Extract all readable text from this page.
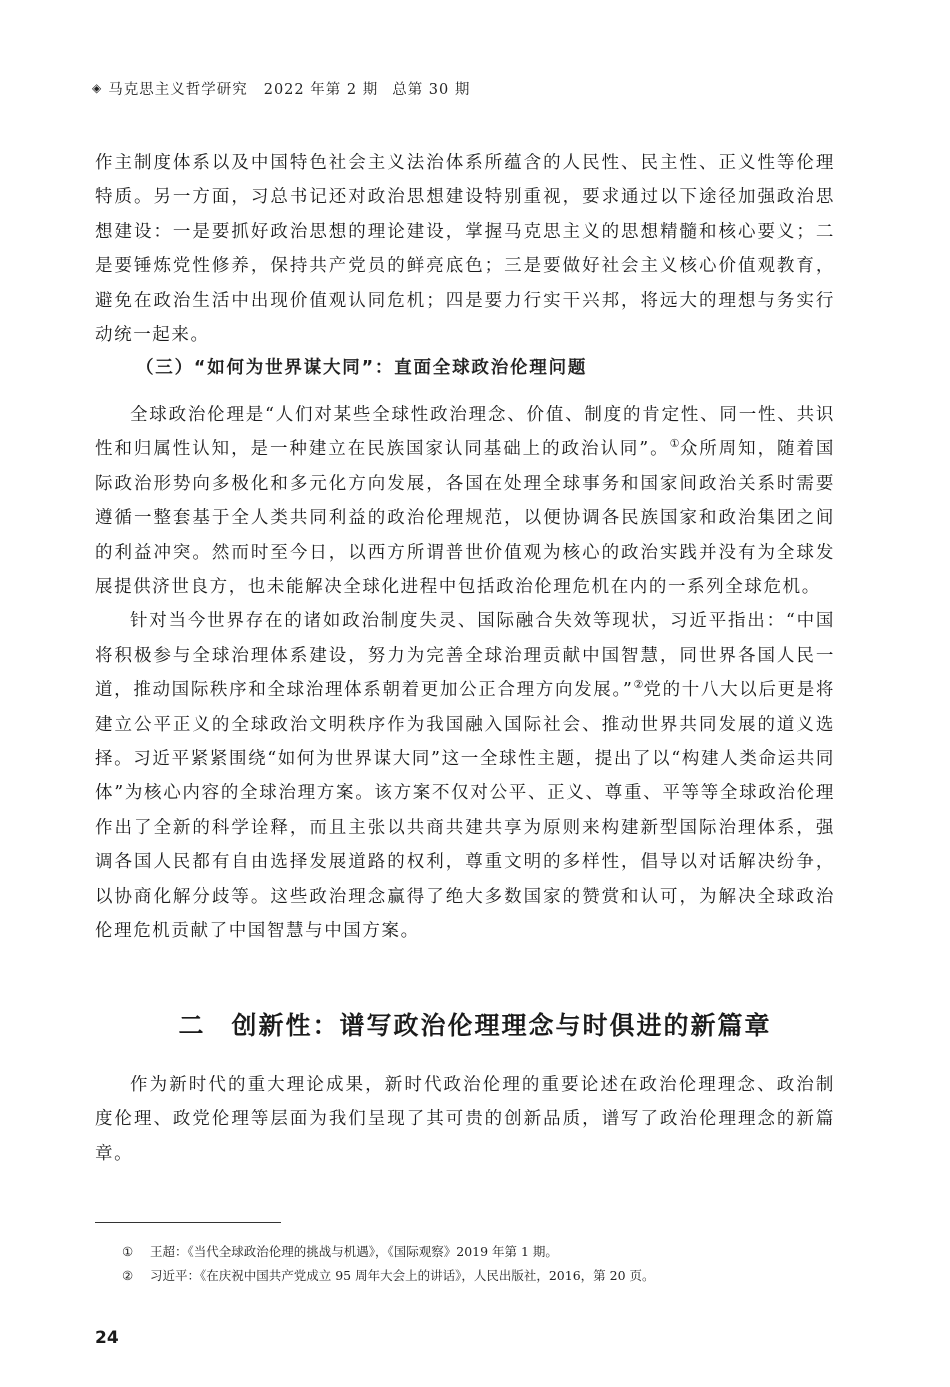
◈ 马克思主义哲学研究 2022 年第 2 期 总第 30 期

作主制度体系以及中国特色社会主义法治体系所蕴含的人民性、民主性、正义性等伦理特质。另一方面，习总书记还对政治思想建设特别重视，要求通过以下途径加强政治思想建设：一是要抓好政治思想的理论建设，掌握马克思主义的思想精髓和核心要义；二是要锤炼党性修养，保持共产党员的鲜亮底色；三是要做好社会主义核心价值观教育，避免在政治生活中出现价值观认同危机；四是要力行实干兴邦，将远大的理想与务实行动统一起来。

（三）“如何为世界谋大同”：直面全球政治伦理问题

全球政治伦理是“人们对某些全球性政治理念、价值、制度的肯定性、同一性、共识性和归属性认知，是一种建立在民族国家认同基础上的政治认同”。①众所周知，随着国际政治形势向多极化和多元化方向发展，各国在处理全球事务和国家间政治关系时需要遵循一整套基于全人类共同利益的政治伦理规范，以便协调各民族国家和政治集团之间的利益冲突。然而时至今日，以西方所谓普世价值观为核心的政治实践并没有为全球发展提供济世良方，也未能解决全球化进程中包括政治伦理危机在内的一系列全球危机。

针对当今世界存在的诸如政治制度失灵、国际融合失效等现状，习近平指出：“中国将积极参与全球治理体系建设，努力为完善全球治理贡献中国智慧，同世界各国人民一道，推动国际秩序和全球治理体系朝着更加公正合理方向发展。”②党的十八大以后更是将建立公平正义的全球政治文明秩序作为我国融入国际社会、推动世界共同发展的道义选择。习近平紧紧围绕“如何为世界谋大同”这一全球性主题，提出了以“构建人类命运共同体”为核心内容的全球治理方案。该方案不仅对公平、正义、尊重、平等等全球政治伦理作出了全新的科学诠释，而且主张以共商共建共享为原则来构建新型国际治理体系，强调各国人民都有自由选择发展道路的权利，尊重文明的多样性，倡导以对话解决纷争，以协商化解分歧等。这些政治理念赢得了绝大多数国家的赞赏和认可，为解决全球政治伦理危机贡献了中国智慧与中国方案。

二 创新性：谱写政治伦理理念与时俱进的新篇章

作为新时代的重大理论成果，新时代政治伦理的重要论述在政治伦理理念、政治制度伦理、政党伦理等层面为我们呈现了其可贵的创新品质，谱写了政治伦理理念的新篇章。

①	王超：《当代全球政治伦理的挑战与机遇》，《国际观察》2019 年第 1 期。
②	习近平：《在庆祝中国共产党成立 95 周年大会上的讲话》，人民出版社，2016，第 20 页。
24
